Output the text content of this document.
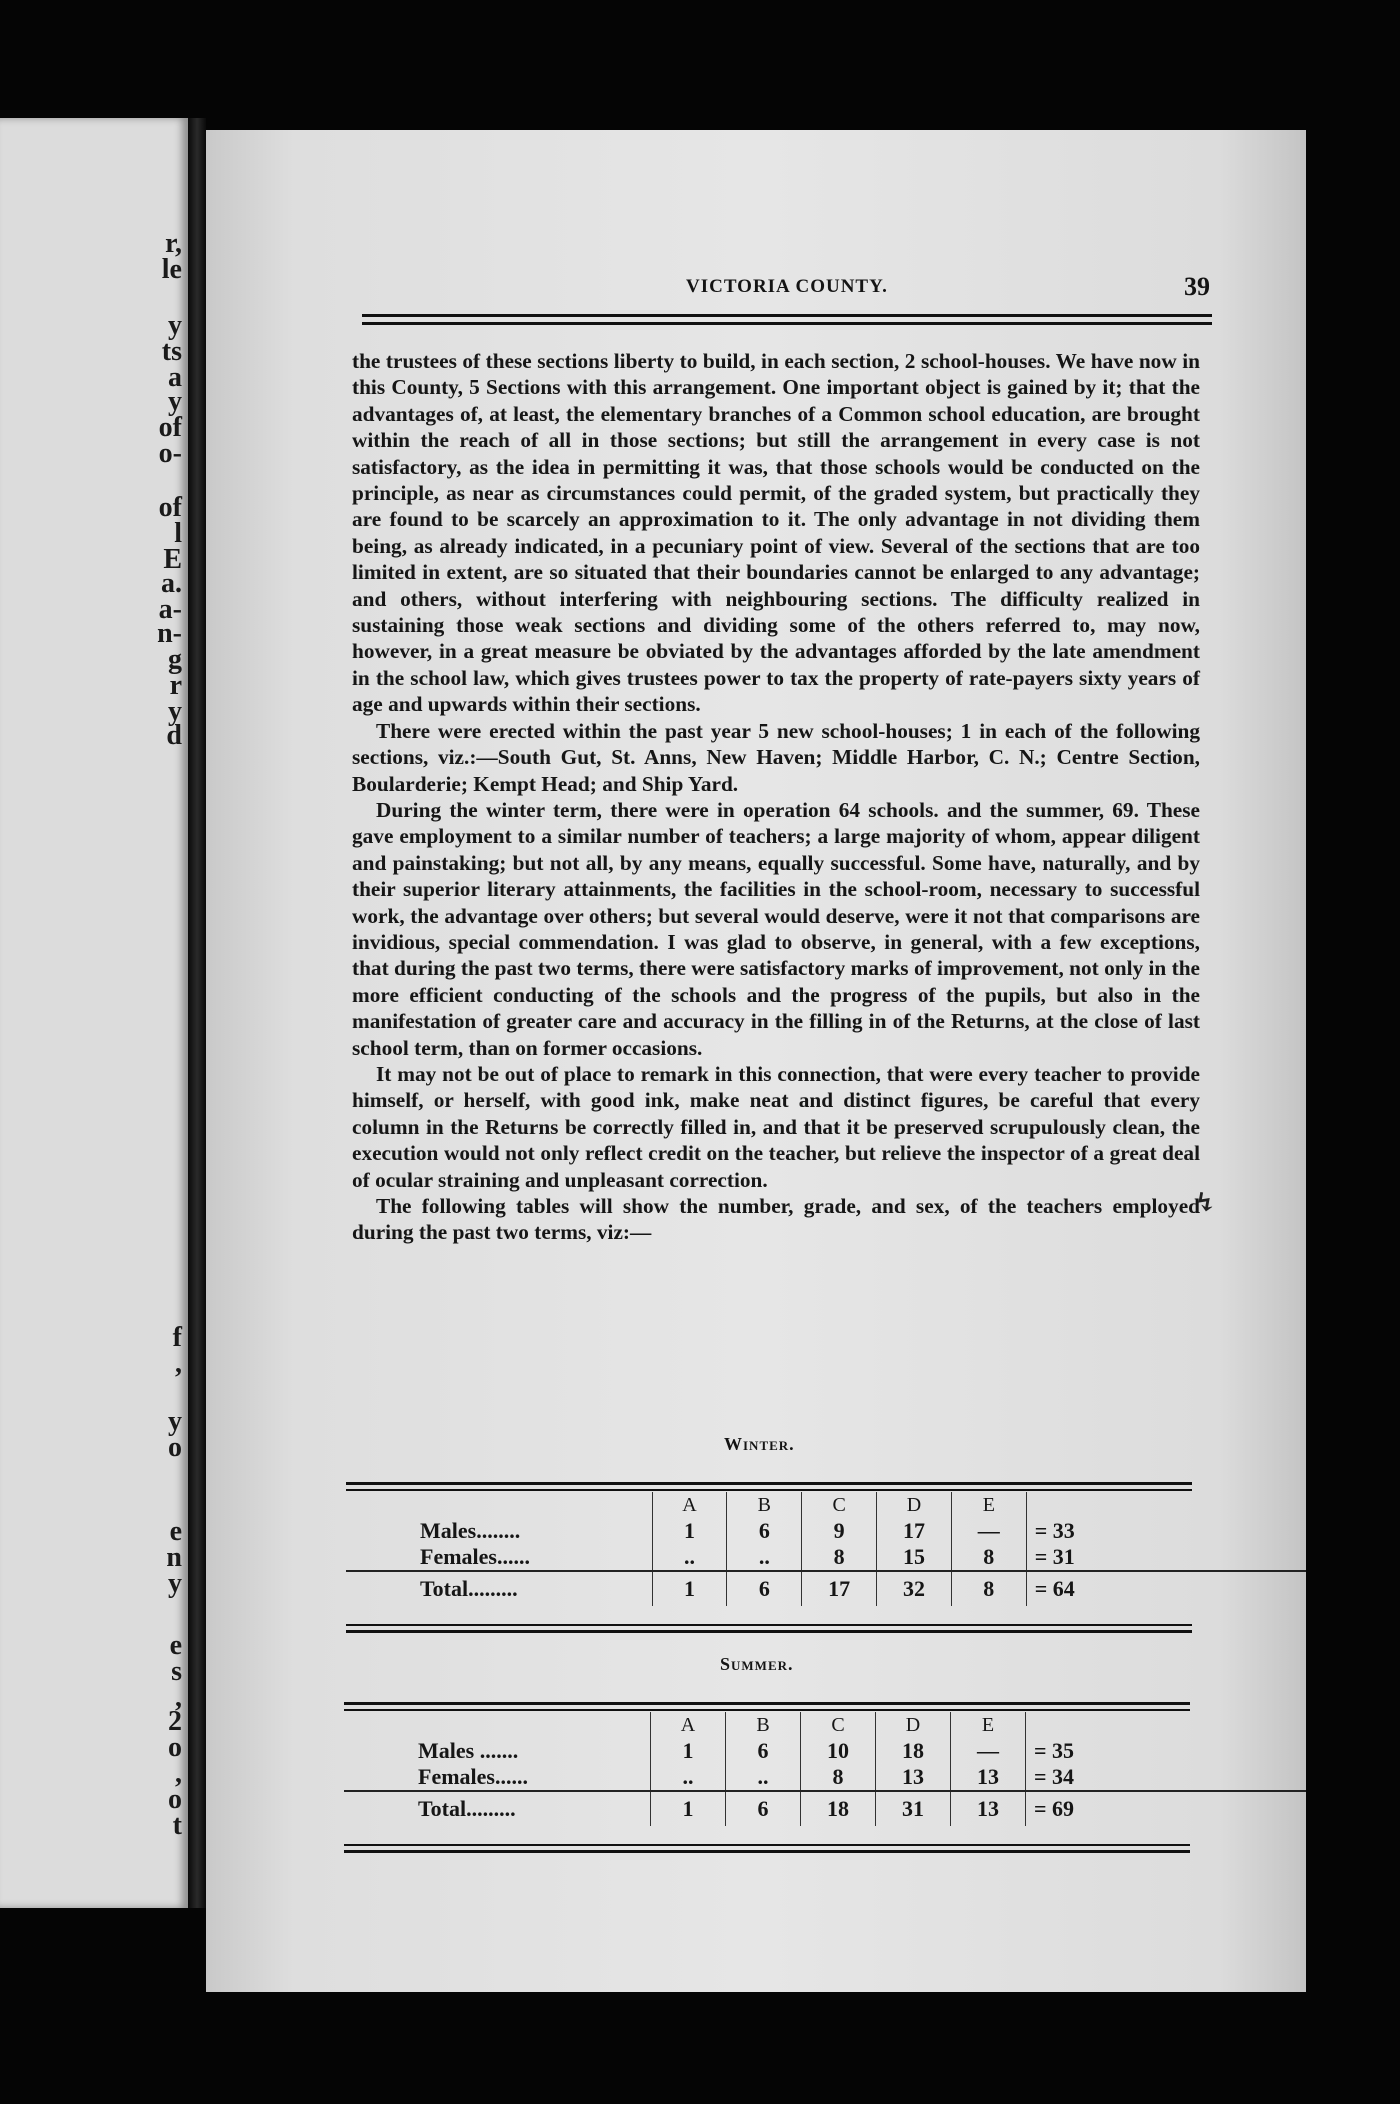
r,
le
y
ts
a
y
of
o-
of
l
E
a.
a-
n-
g
r
y
d
f
,
y
o
e
n
y
e
s
,
2
o
,
o
t
VICTORIA COUNTY.	39

the trustees of these sections liberty to build, in each section, 2 school-houses. We have now in this County, 5 Sections with this arrangement. One important object is gained by it; that the advantages of, at least, the elementary branches of a Common school education, are brought within the reach of all in those sections; but still the arrangement in every case is not satisfactory, as the idea in permitting it was, that those schools would be conducted on the principle, as near as circumstances could permit, of the graded system, but practically they are found to be scarcely an approximation to it. The only advantage in not dividing them being, as already indicated, in a pecuniary point of view. Several of the sections that are too limited in extent, are so situated that their boundaries cannot be enlarged to any advantage; and others, without interfering with neighbouring sections. The difficulty realized in sustaining those weak sections and dividing some of the others referred to, may now, however, in a great measure be obviated by the advantages afforded by the late amendment in the school law, which gives trustees power to tax the property of rate-payers sixty years of age and upwards within their sections.

There were erected within the past year 5 new school-houses; 1 in each of the following sections, viz.:—South Gut, St. Anns, New Haven; Middle Harbor, C. N.; Centre Section, Boularderie; Kempt Head; and Ship Yard.

During the winter term, there were in operation 64 schools. and the summer, 69. These gave employment to a similar number of teachers; a large majority of whom, appear diligent and painstaking; but not all, by any means, equally successful. Some have, naturally, and by their superior literary attainments, the facilities in the school-room, necessary to successful work, the advantage over others; but several would deserve, were it not that comparisons are invidious, special commendation. I was glad to observe, in general, with a few exceptions, that during the past two terms, there were satisfactory marks of improvement, not only in the more efficient conducting of the schools and the progress of the pupils, but also in the manifestation of greater care and accuracy in the filling in of the Returns, at the close of last school term, than on former occasions.

It may not be out of place to remark in this connection, that were every teacher to provide himself, or herself, with good ink, make neat and distinct figures, be careful that every column in the Returns be correctly filled in, and that it be preserved scrupulously clean, the execution would not only reflect credit on the teacher, but relieve the inspector of a great deal of ocular straining and unpleasant correction.

The following tables will show the number, grade, and sex, of the teachers employed during the past two terms, viz:—

Winter.
	A	B	C	D	E		
Males........	1	6	9	17	—	= 33	
Females......	..	..	8	15	8	= 31	
Total.........	1	6	17	32	8	= 64	
Summer.
	A	B	C	D	E		
Males .......	1	6	10	18	—	= 35	
Females......	..	..	8	13	13	= 34	
Total.........	1	6	18	31	13	= 69	
↯
